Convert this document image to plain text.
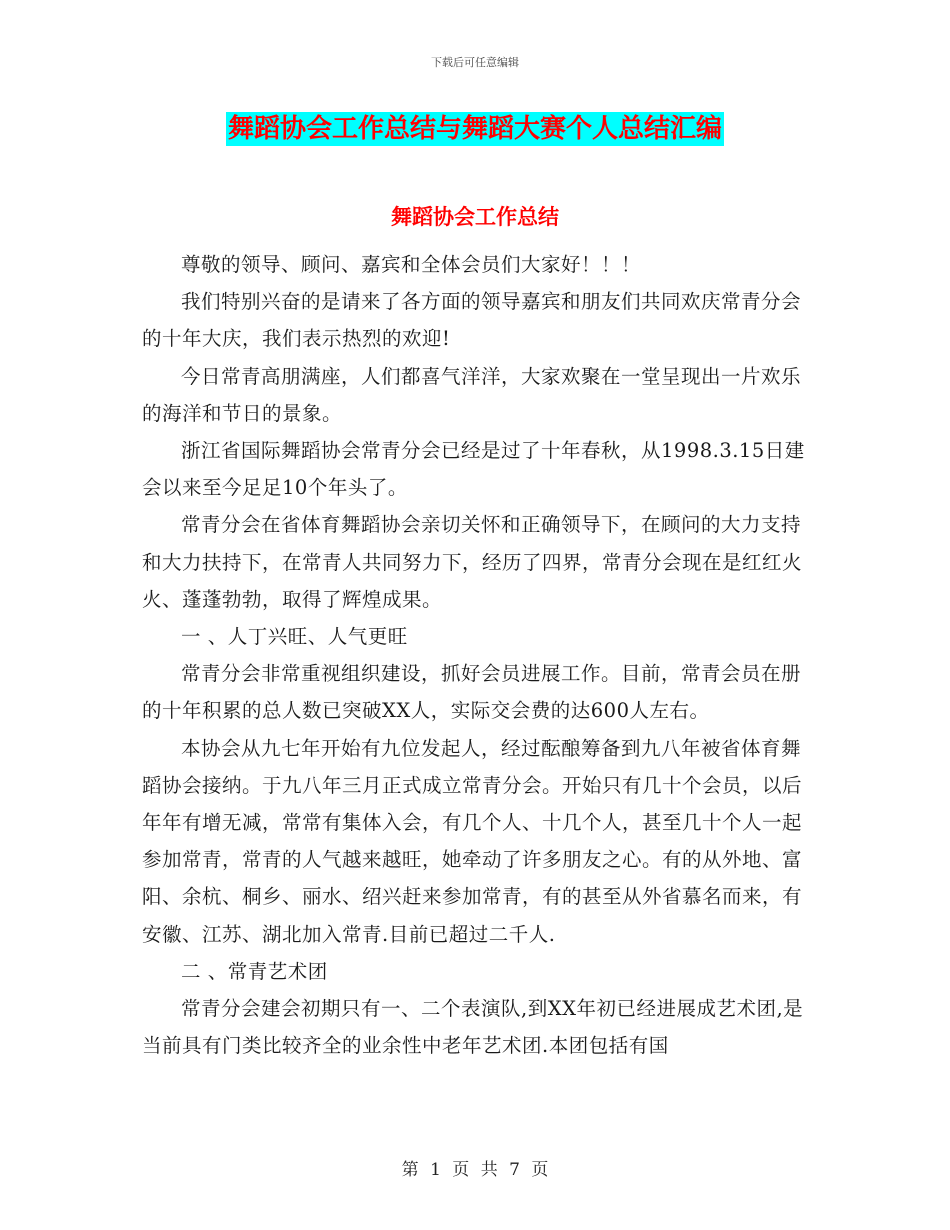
下载后可任意编辑
舞蹈协会工作总结与舞蹈大赛个人总结汇编
舞蹈协会工作总结

尊敬的领导、顾问、嘉宾和全体会员们大家好！！！

我们特别兴奋的是请来了各方面的领导嘉宾和朋友们共同欢庆常青分会的十年大庆，我们表示热烈的欢迎!

今日常青高朋满座，人们都喜气洋洋，大家欢聚在一堂呈现出一片欢乐的海洋和节日的景象。

浙江省国际舞蹈协会常青分会已经是过了十年春秋，从1998.3.15日建会以来至今足足10个年头了。

常青分会在省体育舞蹈协会亲切关怀和正确领导下，在顾问的大力支持和大力扶持下，在常青人共同努力下，经历了四界，常青分会现在是红红火火、蓬蓬勃勃，取得了辉煌成果。

一 、人丁兴旺、人气更旺

常青分会非常重视组织建设，抓好会员进展工作。目前，常青会员在册的十年积累的总人数已突破XX人，实际交会费的达600人左右。

本协会从九七年开始有九位发起人，经过酝酿筹备到九八年被省体育舞蹈协会接纳。于九八年三月正式成立常青分会。开始只有几十个会员，以后年年有增无减，常常有集体入会，有几个人、十几个人，甚至几十个人一起参加常青，常青的人气越来越旺，她牵动了许多朋友之心。有的从外地、富阳、余杭、桐乡、丽水、绍兴赶来参加常青，有的甚至从外省慕名而来，有安徽、江苏、湖北加入常青.目前已超过二千人.

二 、常青艺术团

常青分会建会初期只有一、二个表演队,到XX年初已经进展成艺术团,是当前具有门类比较齐全的业余性中老年艺术团.本团包括有国

第 1 页 共 7 页
